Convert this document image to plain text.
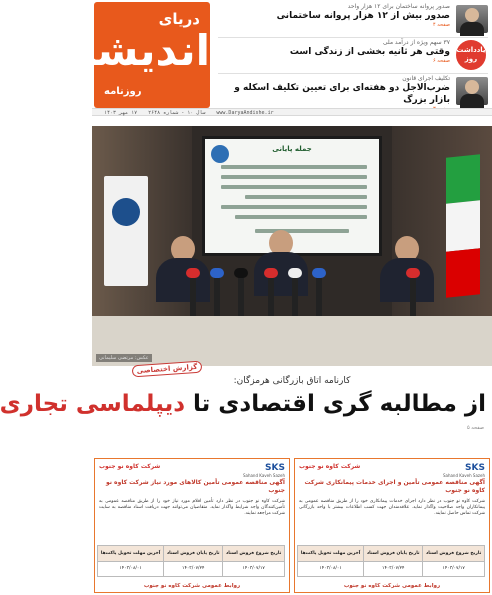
دریای
اندیشه
روزنامه
صدور پروانه ساختمان برای ۱۲ هزار واحد
صدور بیش از ۱۲ هزار پروانه ساختمانی
صفحه ۴
یادداشت روز
۳۷ سهم ویژه از درآمد ملی
وقتی هر ثانیه بخشی از زندگی است
صفحه ۶
تکلیف اجرای قانون
ضرب‌الاجل دو هفته‌ای برای تعیین تکلیف اسکله و بازار بزرگ
سال ۱۰ - شماره ۲۶۴۸ ۱۷ مهر ۱۴۰۳	www.DaryaAndishe.ir
جمله پایانی
عکس: مرتضی سلیمانی
گزارش اختصاصی
کارنامه اتاق بازرگانی هرمزگان:
از مطالبه گری اقتصادی تا دیپلماسی تجاری
صفحه ۵
شرکت کاوه نو جنوب	SKS
Sahand Kaveh Sazeh
آگهی مناقصه عمومی تأمین کالاهای مورد نیاز شرکت کاوه نو جنوب
شرکت کاوه نو جنوب در نظر دارد تأمین اقلام مورد نیاز خود را از طریق مناقصه عمومی به تأمین‌کنندگان واجد شرایط واگذار نماید. متقاضیان می‌توانند جهت دریافت اسناد مناقصه به سایت شرکت مراجعه نمایند.
تاریخ شروع فروش اسناد	تاریخ پایان فروش اسناد	آخرین مهلت تحویل پاکت‌ها
۱۴۰۳/۰۷/۱۷	۱۴۰۳/۰۷/۲۴	۱۴۰۳/۰۸/۰۱
روابط عمومی شرکت کاوه نو جنوب
شرکت کاوه نو جنوب	SKS
Sahand Kaveh Sazeh
آگهی مناقصه عمومی تأمین و اجرای خدمات پیمانکاری شرکت کاوه نو جنوب
شرکت کاوه نو جنوب در نظر دارد اجرای خدمات پیمانکاری خود را از طریق مناقصه عمومی به پیمانکاران واجد صلاحیت واگذار نماید. علاقه‌مندان جهت کسب اطلاعات بیشتر با واحد بازرگانی شرکت تماس حاصل نمایند.
تاریخ شروع فروش اسناد	تاریخ پایان فروش اسناد	آخرین مهلت تحویل پاکت‌ها
۱۴۰۳/۰۷/۱۷	۱۴۰۳/۰۷/۲۴	۱۴۰۳/۰۸/۰۱
روابط عمومی شرکت کاوه نو جنوب
